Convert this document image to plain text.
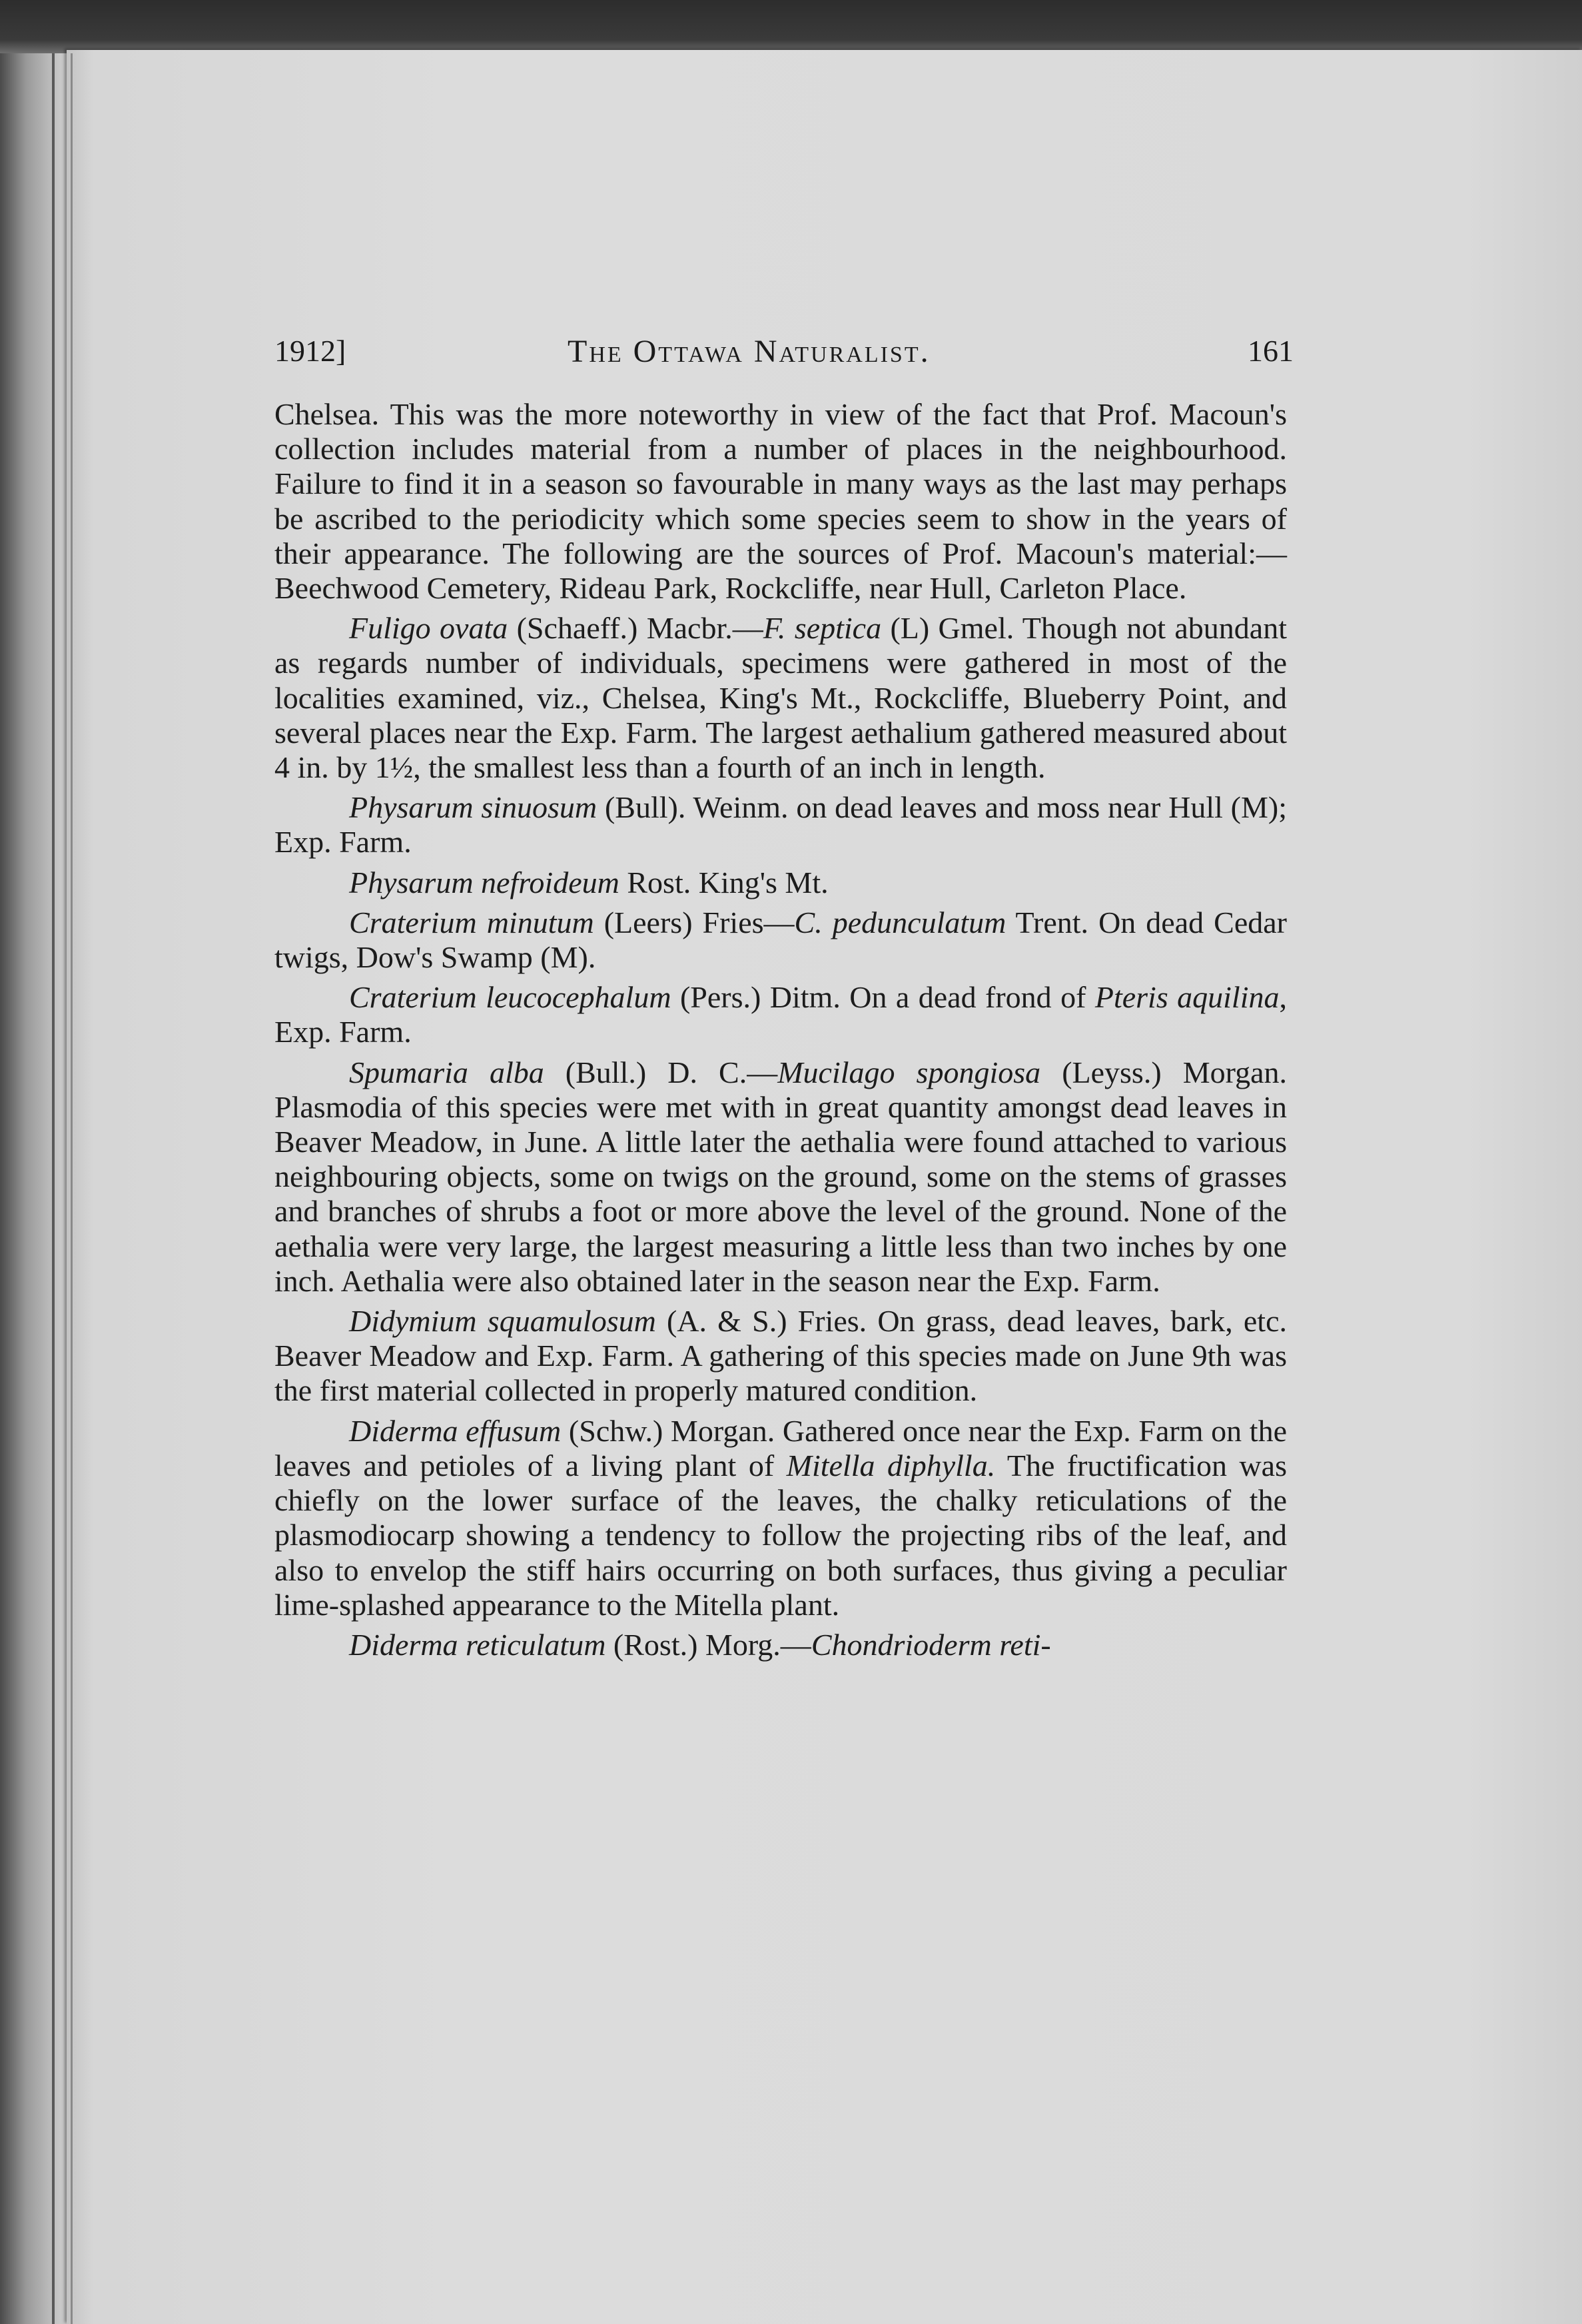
1912]	The Ottawa Naturalist.	161

Chelsea. This was the more noteworthy in view of the fact that Prof. Macoun's collection includes material from a number of places in the neighbourhood. Failure to find it in a season so favourable in many ways as the last may perhaps be ascribed to the periodicity which some species seem to show in the years of their appearance. The following are the sources of Prof. Macoun's material:—Beechwood Cemetery, Rideau Park, Rockcliffe, near Hull, Carleton Place.

Fuligo ovata (Schaeff.) Macbr.—F. septica (L) Gmel. Though not abundant as regards number of individuals, specimens were gathered in most of the localities examined, viz., Chelsea, King's Mt., Rockcliffe, Blueberry Point, and several places near the Exp. Farm. The largest aethalium gathered measured about 4 in. by 1½, the smallest less than a fourth of an inch in length.

Physarum sinuosum (Bull). Weinm. on dead leaves and moss near Hull (M); Exp. Farm.

Physarum nefroideum Rost. King's Mt.

Craterium minutum (Leers) Fries—C. pedunculatum Trent. On dead Cedar twigs, Dow's Swamp (M).

Craterium leucocephalum (Pers.) Ditm. On a dead frond of Pteris aquilina, Exp. Farm.

Spumaria alba (Bull.) D. C.—Mucilago spongiosa (Leyss.) Morgan. Plasmodia of this species were met with in great quantity amongst dead leaves in Beaver Meadow, in June. A little later the aethalia were found attached to various neighbouring objects, some on twigs on the ground, some on the stems of grasses and branches of shrubs a foot or more above the level of the ground. None of the aethalia were very large, the largest measuring a little less than two inches by one inch. Aethalia were also obtained later in the season near the Exp. Farm.

Didymium squamulosum (A. & S.) Fries. On grass, dead leaves, bark, etc. Beaver Meadow and Exp. Farm. A gathering of this species made on June 9th was the first material collected in properly matured condition.

Diderma effusum (Schw.) Morgan. Gathered once near the Exp. Farm on the leaves and petioles of a living plant of Mitella diphylla. The fructification was chiefly on the lower surface of the leaves, the chalky reticulations of the plasmodiocarp showing a tendency to follow the projecting ribs of the leaf, and also to envelop the stiff hairs occurring on both surfaces, thus giving a peculiar lime-splashed appearance to the Mitella plant.

Diderma reticulatum (Rost.) Morg.—Chondrioderm reti-
